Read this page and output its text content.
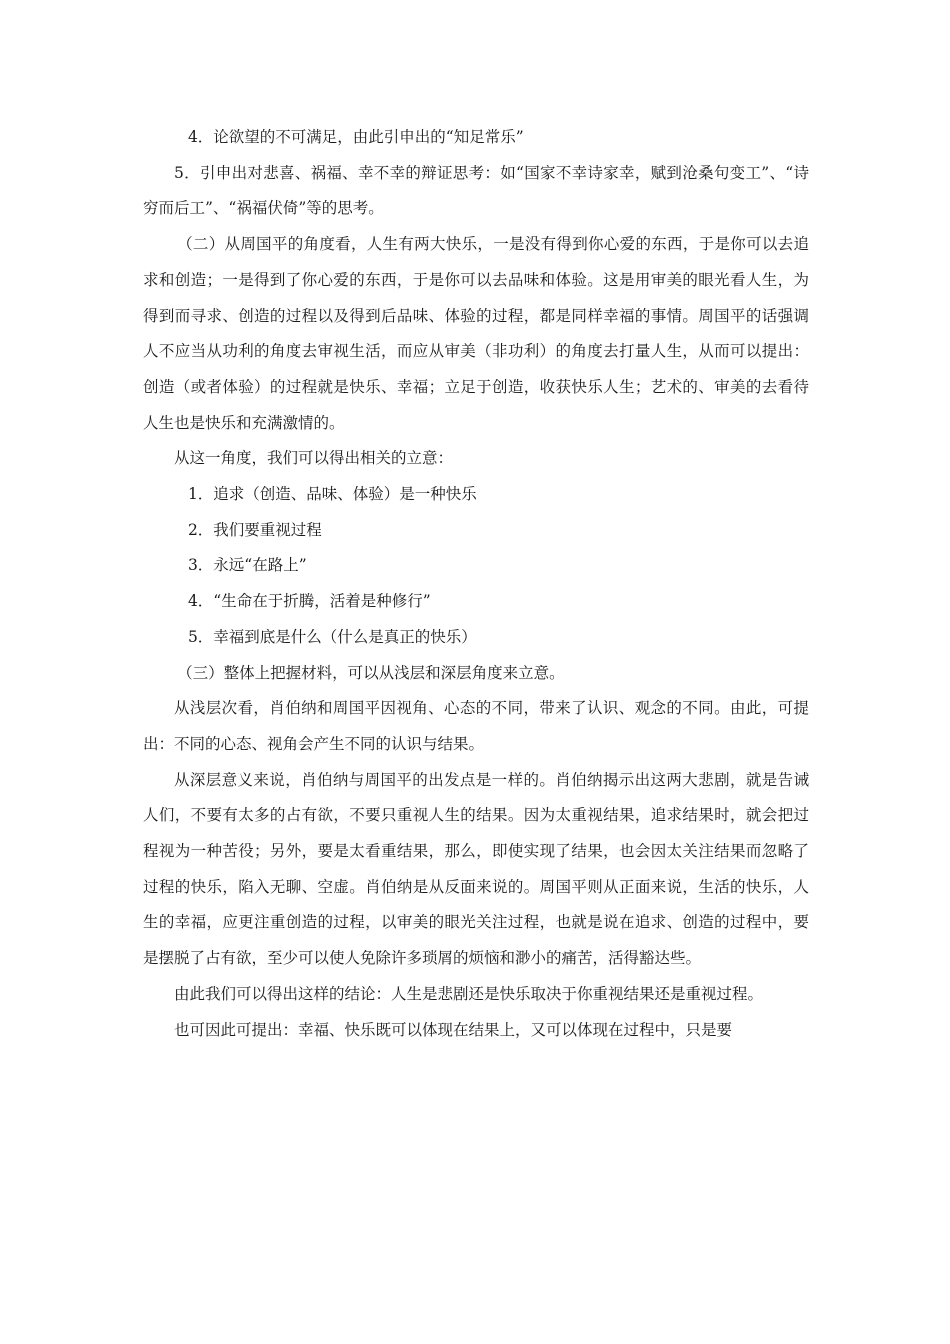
4．论欲望的不可满足，由此引申出的“知足常乐”

5．引申出对悲喜、祸福、幸不幸的辩证思考：如“国家不幸诗家幸，赋到沧桑句变工”、“诗穷而后工”、“祸福伏倚”等的思考。

（二）从周国平的角度看，人生有两大快乐，一是没有得到你心爱的东西，于是你可以去追求和创造；一是得到了你心爱的东西，于是你可以去品味和体验。这是用审美的眼光看人生，为得到而寻求、创造的过程以及得到后品味、体验的过程，都是同样幸福的事情。周国平的话强调人不应当从功利的角度去审视生活，而应从审美（非功利）的角度去打量人生，从而可以提出：创造（或者体验）的过程就是快乐、幸福；立足于创造，收获快乐人生；艺术的、审美的去看待人生也是快乐和充满激情的。

从这一角度，我们可以得出相关的立意：

1．追求（创造、品味、体验）是一种快乐

2．我们要重视过程

3．永远“在路上”

4．“生命在于折腾，活着是种修行”

5．幸福到底是什么（什么是真正的快乐）

（三）整体上把握材料，可以从浅层和深层角度来立意。

从浅层次看，肖伯纳和周国平因视角、心态的不同，带来了认识、观念的不同。由此，可提出：不同的心态、视角会产生不同的认识与结果。

从深层意义来说，肖伯纳与周国平的出发点是一样的。肖伯纳揭示出这两大悲剧，就是告诫人们，不要有太多的占有欲，不要只重视人生的结果。因为太重视结果，追求结果时，就会把过程视为一种苦役；另外，要是太看重结果，那么，即使实现了结果，也会因太关注结果而忽略了过程的快乐，陷入无聊、空虚。肖伯纳是从反面来说的。周国平则从正面来说，生活的快乐，人生的幸福，应更注重创造的过程，以审美的眼光关注过程，也就是说在追求、创造的过程中，要是摆脱了占有欲，至少可以使人免除许多琐屑的烦恼和渺小的痛苦，活得豁达些。

由此我们可以得出这样的结论：人生是悲剧还是快乐取决于你重视结果还是重视过程。

也可因此可提出：幸福、快乐既可以体现在结果上，又可以体现在过程中，只是要
